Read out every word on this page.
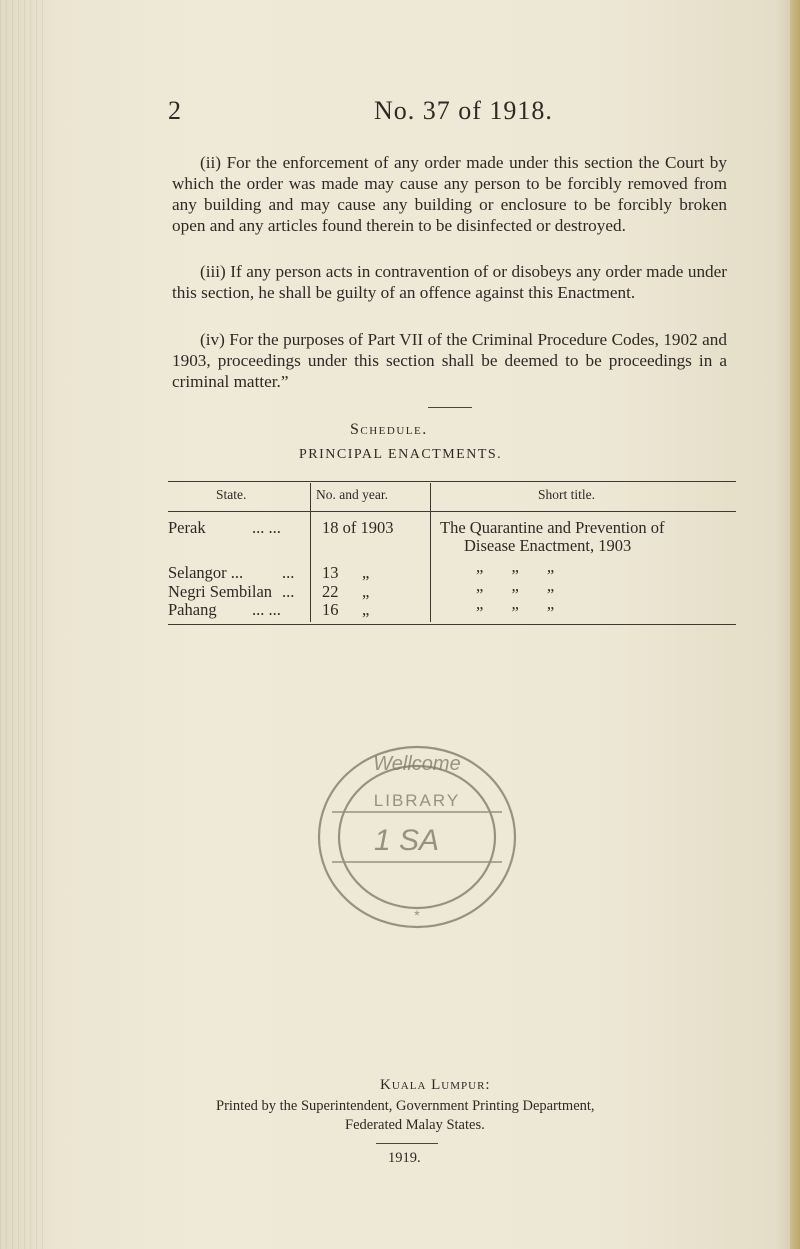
2	No. 37 of 1918.

(ii) For the enforcement of any order made under this section the Court by which the order was made may cause any person to be forcibly removed from any building and may cause any building or enclosure to be forcibly broken open and any articles found therein to be disinfected or destroyed.

(iii) If any person acts in contravention of or disobeys any order made under this section, he shall be guilty of an offence against this Enactment.

(iv) For the purposes of Part VII of the Criminal Procedure Codes, 1902 and 1903, proceedings under this section shall be deemed to be proceedings in a criminal matter.”

Schedule.
PRINCIPAL ENACTMENTS.
State.	No. and year.	Short title.
Perak	... ... 18 of 1903	The Quarantine and Prevention of
Disease Enactment, 1903
Selangor ... ... 13 „	” ” ”
Negri Sembilan ... 22 „	” ” ”
Pahang ... ... 16 „	” ” ”
Wellcome
LIBRARY
1 SA
*
Kuala Lumpur:
Printed by the Superintendent, Government Printing Department,
Federated Malay States.
1919.
